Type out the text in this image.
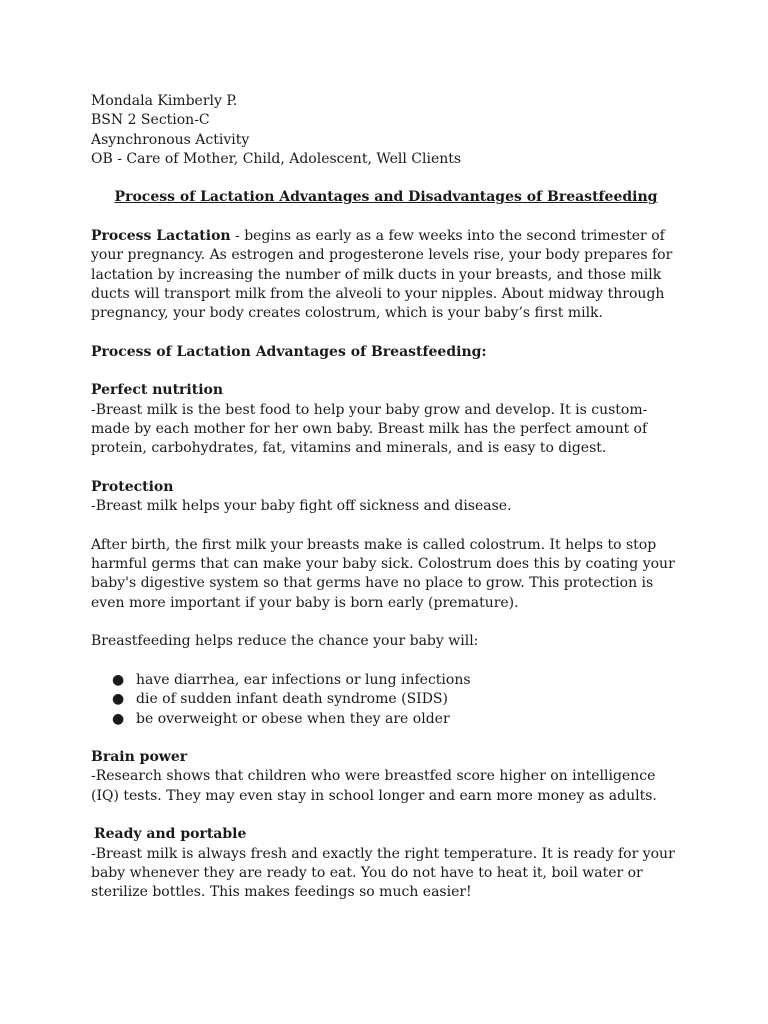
Mondala Kimberly P.

BSN 2 Section-C

Asynchronous Activity

OB - Care of Mother, Child, Adolescent, Well Clients

Process of Lactation Advantages and Disadvantages of Breastfeeding

Process Lactation - begins as early as a few weeks into the second trimester of your pregnancy. As estrogen and progesterone levels rise, your body prepares for lactation by increasing the number of milk ducts in your breasts, and those milk ducts will transport milk from the alveoli to your nipples. About midway through pregnancy, your body creates colostrum, which is your baby’s first milk.

Process of Lactation Advantages of Breastfeeding:

Perfect nutrition

-Breast milk is the best food to help your baby grow and develop. It is custom-made by each mother for her own baby. Breast milk has the perfect amount of protein, carbohydrates, fat, vitamins and minerals, and is easy to digest.

Protection

-Breast milk helps your baby fight off sickness and disease.

After birth, the first milk your breasts make is called colostrum. It helps to stop harmful germs that can make your baby sick. Colostrum does this by coating your baby's digestive system so that germs have no place to grow. This protection is even more important if your baby is born early (premature).

Breastfeeding helps reduce the chance your baby will:

● have diarrhea, ear infections or lung infections
● die of sudden infant death syndrome (SIDS)
● be overweight or obese when they are older

Brain power

-Research shows that children who were breastfed score higher on intelligence (IQ) tests. They may even stay in school longer and earn more money as adults.

Ready and portable

-Breast milk is always fresh and exactly the right temperature. It is ready for your baby whenever they are ready to eat. You do not have to heat it, boil water or sterilize bottles. This makes feedings so much easier!
